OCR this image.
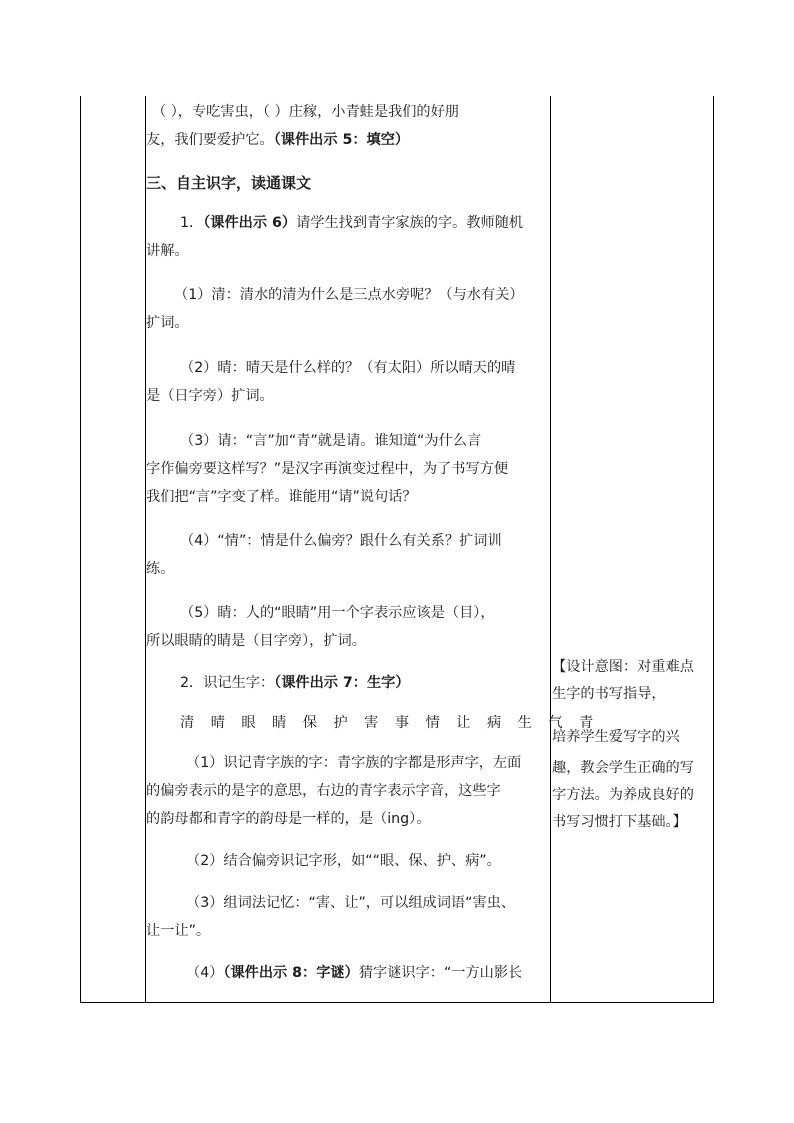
（ ），专吃害虫，（ ）庄稼，小青蛙是我们的好朋

友，我们要爱护它。（课件出示 5：填空）

三、自主识字，读通课文

1．（课件出示 6）请学生找到青字家族的字。教师随机

讲解。

（1）清：清水的清为什么是三点水旁呢？（与水有关）

扩词。

（2）晴：晴天是什么样的？（有太阳）所以晴天的晴

是（日字旁）扩词。

（3）请：“言”加“青”就是请。谁知道“为什么言

字作偏旁要这样写？”是汉字再演变过程中，为了书写方便

我们把“言”字变了样。谁能用“请”说句话？

（4）“情”：情是什么偏旁？跟什么有关系？扩词训

练。

（5）睛：人的“眼睛”用一个字表示应该是（目），

所以眼睛的睛是（目字旁），扩词。

2．识记生字：（课件出示 7：生字）

清 晴 眼 睛 保 护 害 事 情 让 病 生 气 青

（1）识记青字族的字：青字族的字都是形声字，左面

的偏旁表示的是字的意思，右边的青字表示字音，这些字

的韵母都和青字的韵母是一样的，是（ing）。

（2）结合偏旁识记字形，如““眼、保、护、病”。

（3）组词法记忆：“害、让”，可以组成词语“害虫、

让一让”。

（4）（课件出示 8：字谜）猜字谜识字：“一方山影长

【设计意图：对重难点

生字的书写指导，

培养学生爱写字的兴

趣，教会学生正确的写

字方法。为养成良好的

书写习惯打下基础。】
